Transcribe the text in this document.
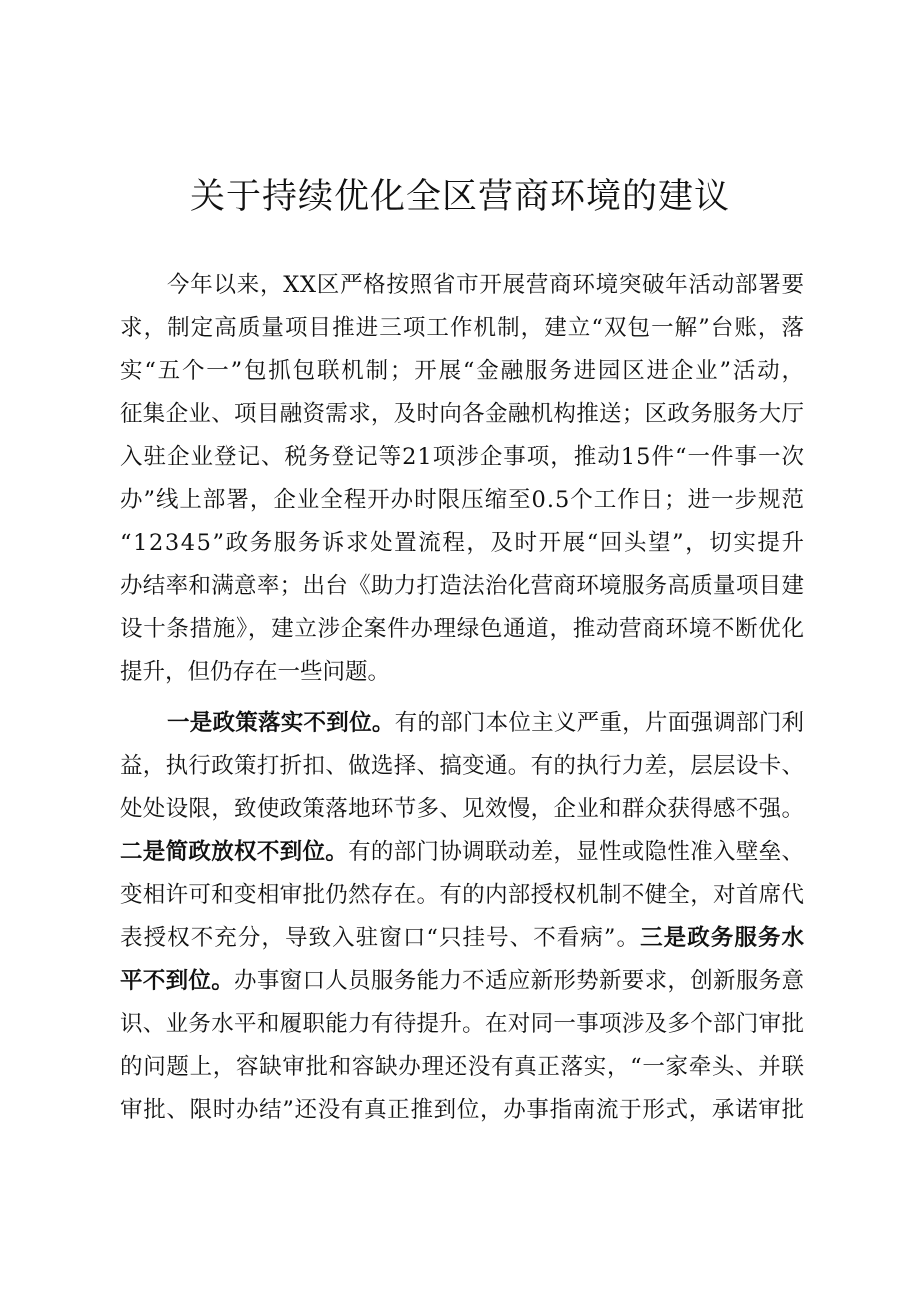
关于持续优化全区营商环境的建议
今年以来，XX区严格按照省市开展营商环境突破年活动部署要
求，制定高质量项目推进三项工作机制，建立“双包一解”台账，落
实“五个一”包抓包联机制；开展“金融服务进园区进企业”活动，
征集企业、项目融资需求，及时向各金融机构推送；区政务服务大厅
入驻企业登记、税务登记等21项涉企事项，推动15件“一件事一次
办”线上部署，企业全程开办时限压缩至0.5个工作日；进一步规范
“12345”政务服务诉求处置流程，及时开展“回头望”，切实提升
办结率和满意率；出台《助力打造法治化营商环境服务高质量项目建
设十条措施》，建立涉企案件办理绿色通道，推动营商环境不断优化
提升，但仍存在一些问题。
一是政策落实不到位。有的部门本位主义严重，片面强调部门利
益，执行政策打折扣、做选择、搞变通。有的执行力差，层层设卡、
处处设限，致使政策落地环节多、见效慢，企业和群众获得感不强。
二是简政放权不到位。有的部门协调联动差，显性或隐性准入壁垒、
变相许可和变相审批仍然存在。有的内部授权机制不健全，对首席代
表授权不充分，导致入驻窗口“只挂号、不看病”。三是政务服务水
平不到位。办事窗口人员服务能力不适应新形势新要求，创新服务意
识、业务水平和履职能力有待提升。在对同一事项涉及多个部门审批
的问题上，容缺审批和容缺办理还没有真正落实，“一家牵头、并联
审批、限时办结”还没有真正推到位，办事指南流于形式，承诺审批
